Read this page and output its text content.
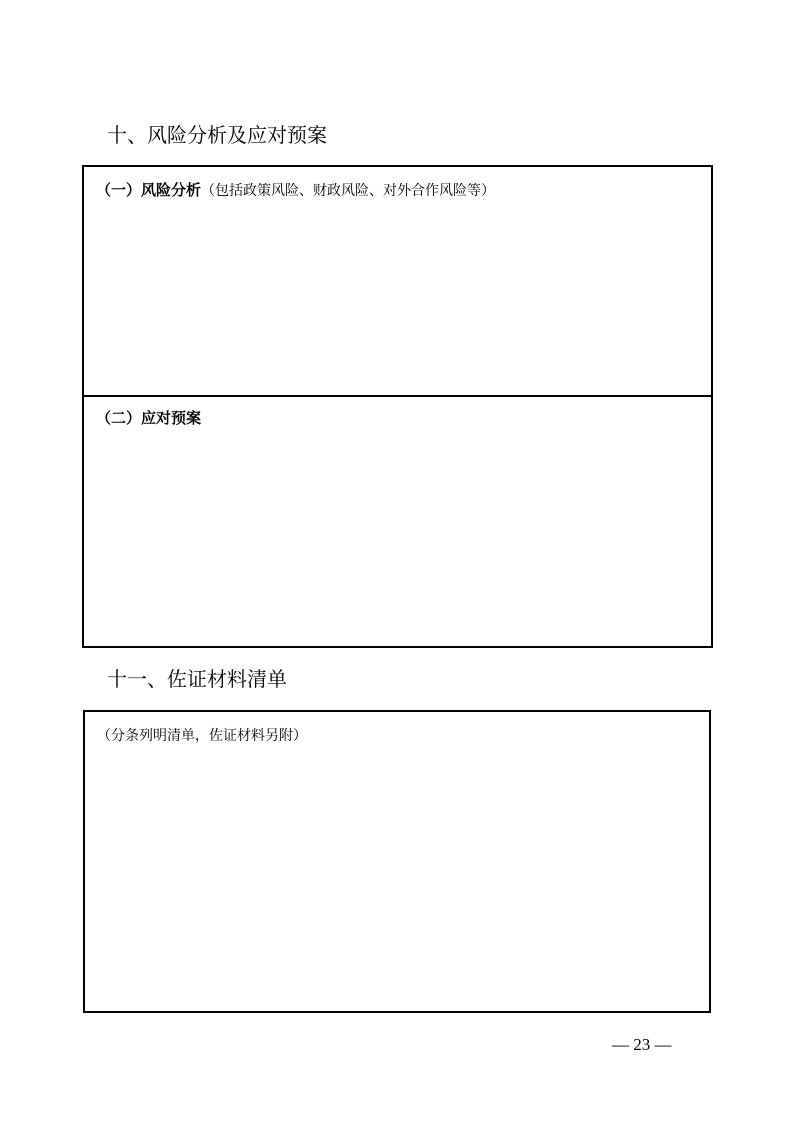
十、风险分析及应对预案
（一）风险分析（包括政策风险、财政风险、对外合作风险等）
（二）应对预案
十一、佐证材料清单
（分条列明清单，佐证材料另附）
— 23 —
